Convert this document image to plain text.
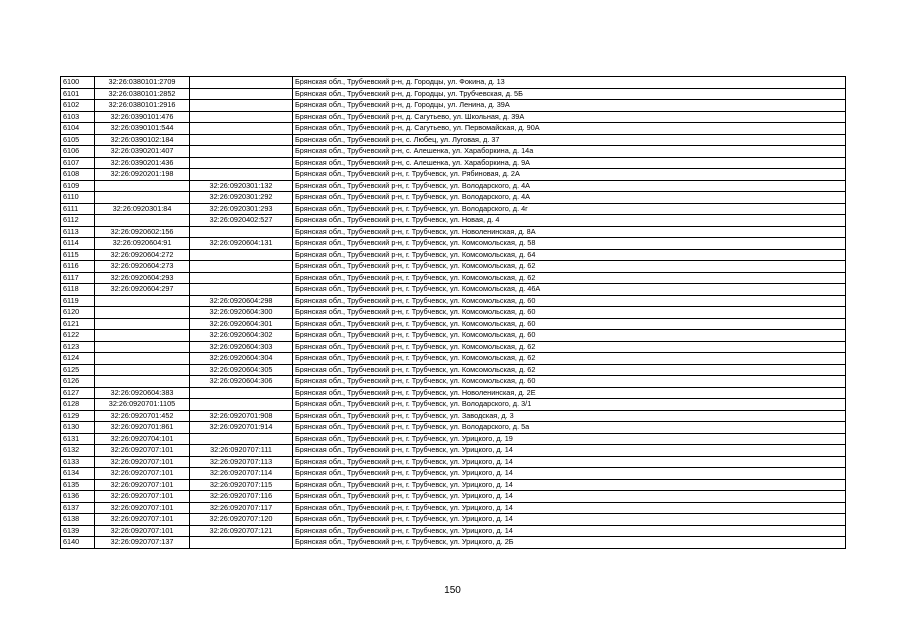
6100	32:26:0380101:2709		Брянская обл., Трубчевский р-н, д. Городцы, ул. Фокина, д. 13
6101	32:26:0380101:2852		Брянская обл., Трубчевский р-н, д. Городцы, ул. Трубчевская, д. 5Б
6102	32:26:0380101:2916		Брянская обл., Трубчевский р-н, д. Городцы, ул. Ленина, д. 39А
6103	32:26:0390101:476		Брянская обл., Трубчевский р-н, д. Сагутьево, ул. Школьная, д. 39А
6104	32:26:0390101:544		Брянская обл., Трубчевский р-н, д. Сагутьево, ул. Первомайская, д. 90А
6105	32:26:0390102:184		Брянская обл., Трубчевский р-н, с. Любец, ул. Луговая, д. 37
6106	32:26:0390201:407		Брянская обл., Трубчевский р-н, с. Алешенка, ул. Хараборкина, д. 14а
6107	32:26:0390201:436		Брянская обл., Трубчевский р-н, с. Алешенка, ул. Хараборкина, д. 9А
6108	32:26:0920201:198		Брянская обл., Трубчевский р-н, г. Трубчевск, ул. Рябиновая, д. 2А
6109		32:26:0920301:132	Брянская обл., Трубчевский р-н, г. Трубчевск, ул. Володарского, д. 4А
6110		32:26:0920301:292	Брянская обл., Трубчевский р-н, г. Трубчевск, ул. Володарского, д. 4А
6111	32:26:0920301:84	32:26:0920301:293	Брянская обл., Трубчевский р-н, г. Трубчевск, ул. Володарского, д. 4г
6112		32:26:0920402:527	Брянская обл., Трубчевский р-н, г. Трубчевск, ул. Новая, д. 4
6113	32:26:0920602:156		Брянская обл., Трубчевский р-н, г. Трубчевск, ул. Новоленинская, д. 8А
6114	32:26:0920604:91	32:26:0920604:131	Брянская обл., Трубчевский р-н, г. Трубчевск, ул. Комсомольская, д. 58
6115	32:26:0920604:272		Брянская обл., Трубчевский р-н, г. Трубчевск, ул. Комсомольская, д. 64
6116	32:26:0920604:273		Брянская обл., Трубчевский р-н, г. Трубчевск, ул. Комсомольская, д. 62
6117	32:26:0920604:293		Брянская обл., Трубчевский р-н, г. Трубчевск, ул. Комсомольская, д. 62
6118	32:26:0920604:297		Брянская обл., Трубчевский р-н, г. Трубчевск, ул. Комсомольская, д. 46А
6119		32:26:0920604:298	Брянская обл., Трубчевский р-н, г. Трубчевск, ул. Комсомольская, д. 60
6120		32:26:0920604:300	Брянская обл., Трубчевский р-н, г. Трубчевск, ул. Комсомольская, д. 60
6121		32:26:0920604:301	Брянская обл., Трубчевский р-н, г. Трубчевск, ул. Комсомольская, д. 60
6122		32:26:0920604:302	Брянская обл., Трубчевский р-н, г. Трубчевск, ул. Комсомольская, д. 60
6123		32:26:0920604:303	Брянская обл., Трубчевский р-н, г. Трубчевск, ул. Комсомольская, д. 62
6124		32:26:0920604:304	Брянская обл., Трубчевский р-н, г. Трубчевск, ул. Комсомольская, д. 62
6125		32:26:0920604:305	Брянская обл., Трубчевский р-н, г. Трубчевск, ул. Комсомольская, д. 62
6126		32:26:0920604:306	Брянская обл., Трубчевский р-н, г. Трубчевск, ул. Комсомольская, д. 60
6127	32:26:0920604:383		Брянская обл., Трубчевский р-н, г. Трубчевск, ул. Новоленинская, д. 2Е
6128	32:26:0920701:1105		Брянская обл., Трубчевский р-н, г. Трубчевск, ул. Володарского, д. 3/1
6129	32:26:0920701:452	32:26:0920701:908	Брянская обл., Трубчевский р-н, г. Трубчевск, ул. Заводская, д. 3
6130	32:26:0920701:861	32:26:0920701:914	Брянская обл., Трубчевский р-н, г. Трубчевск, ул. Володарского, д. 5а
6131	32:26:0920704:101		Брянская обл., Трубчевский р-н, г. Трубчевск, ул. Урицкого, д. 19
6132	32:26:0920707:101	32:26:0920707:111	Брянская обл., Трубчевский р-н, г. Трубчевск, ул. Урицкого, д. 14
6133	32:26:0920707:101	32:26:0920707:113	Брянская обл., Трубчевский р-н, г. Трубчевск, ул. Урицкого, д. 14
6134	32:26:0920707:101	32:26:0920707:114	Брянская обл., Трубчевский р-н, г. Трубчевск, ул. Урицкого, д. 14
6135	32:26:0920707:101	32:26:0920707:115	Брянская обл., Трубчевский р-н, г. Трубчевск, ул. Урицкого, д. 14
6136	32:26:0920707:101	32:26:0920707:116	Брянская обл., Трубчевский р-н, г. Трубчевск, ул. Урицкого, д. 14
6137	32:26:0920707:101	32:26:0920707:117	Брянская обл., Трубчевский р-н, г. Трубчевск, ул. Урицкого, д. 14
6138	32:26:0920707:101	32:26:0920707:120	Брянская обл., Трубчевский р-н, г. Трубчевск, ул. Урицкого, д. 14
6139	32:26:0920707:101	32:26:0920707:121	Брянская обл., Трубчевский р-н, г. Трубчевск, ул. Урицкого, д. 14
6140	32:26:0920707:137		Брянская обл., Трубчевский р-н, г. Трубчевск, ул. Урицкого, д. 2Б
150
